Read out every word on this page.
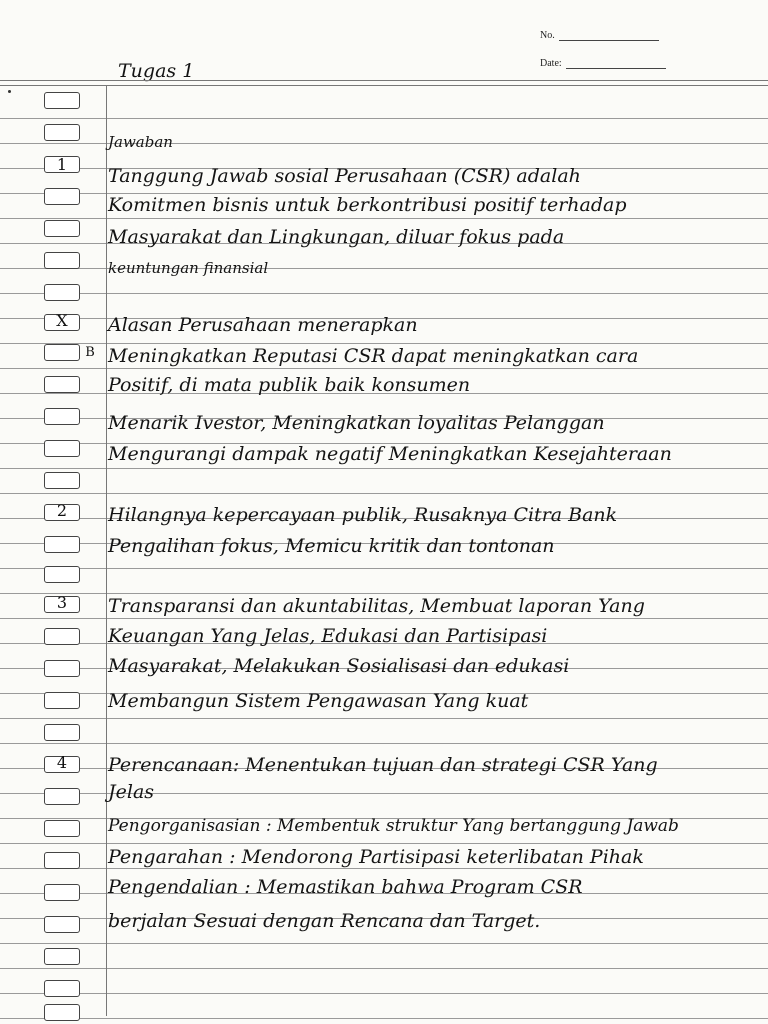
No.
Date:
Tugas 1
1
X
2
3
4
B
Jawaban
Tanggung Jawab sosial Perusahaan (CSR) adalah
Komitmen bisnis untuk berkontribusi positif terhadap
Masyarakat dan Lingkungan, diluar fokus pada
keuntungan finansial
Alasan Perusahaan menerapkan
Meningkatkan Reputasi CSR dapat meningkatkan cara
Positif, di mata publik baik konsumen
Menarik Ivestor, Meningkatkan loyalitas Pelanggan
Mengurangi dampak negatif Meningkatkan Kesejahteraan
Hilangnya kepercayaan publik, Rusaknya Citra Bank
Pengalihan fokus, Memicu kritik dan tontonan
Transparansi dan akuntabilitas, Membuat laporan Yang
Keuangan Yang Jelas, Edukasi dan Partisipasi
Masyarakat, Melakukan Sosialisasi dan edukasi
Membangun Sistem Pengawasan Yang kuat
Perencanaan: Menentukan tujuan dan strategi CSR Yang
Jelas
Pengorganisasian : Membentuk struktur Yang bertanggung Jawab
Pengarahan : Mendorong Partisipasi keterlibatan Pihak
Pengendalian : Memastikan bahwa Program CSR
berjalan Sesuai dengan Rencana dan Target.
